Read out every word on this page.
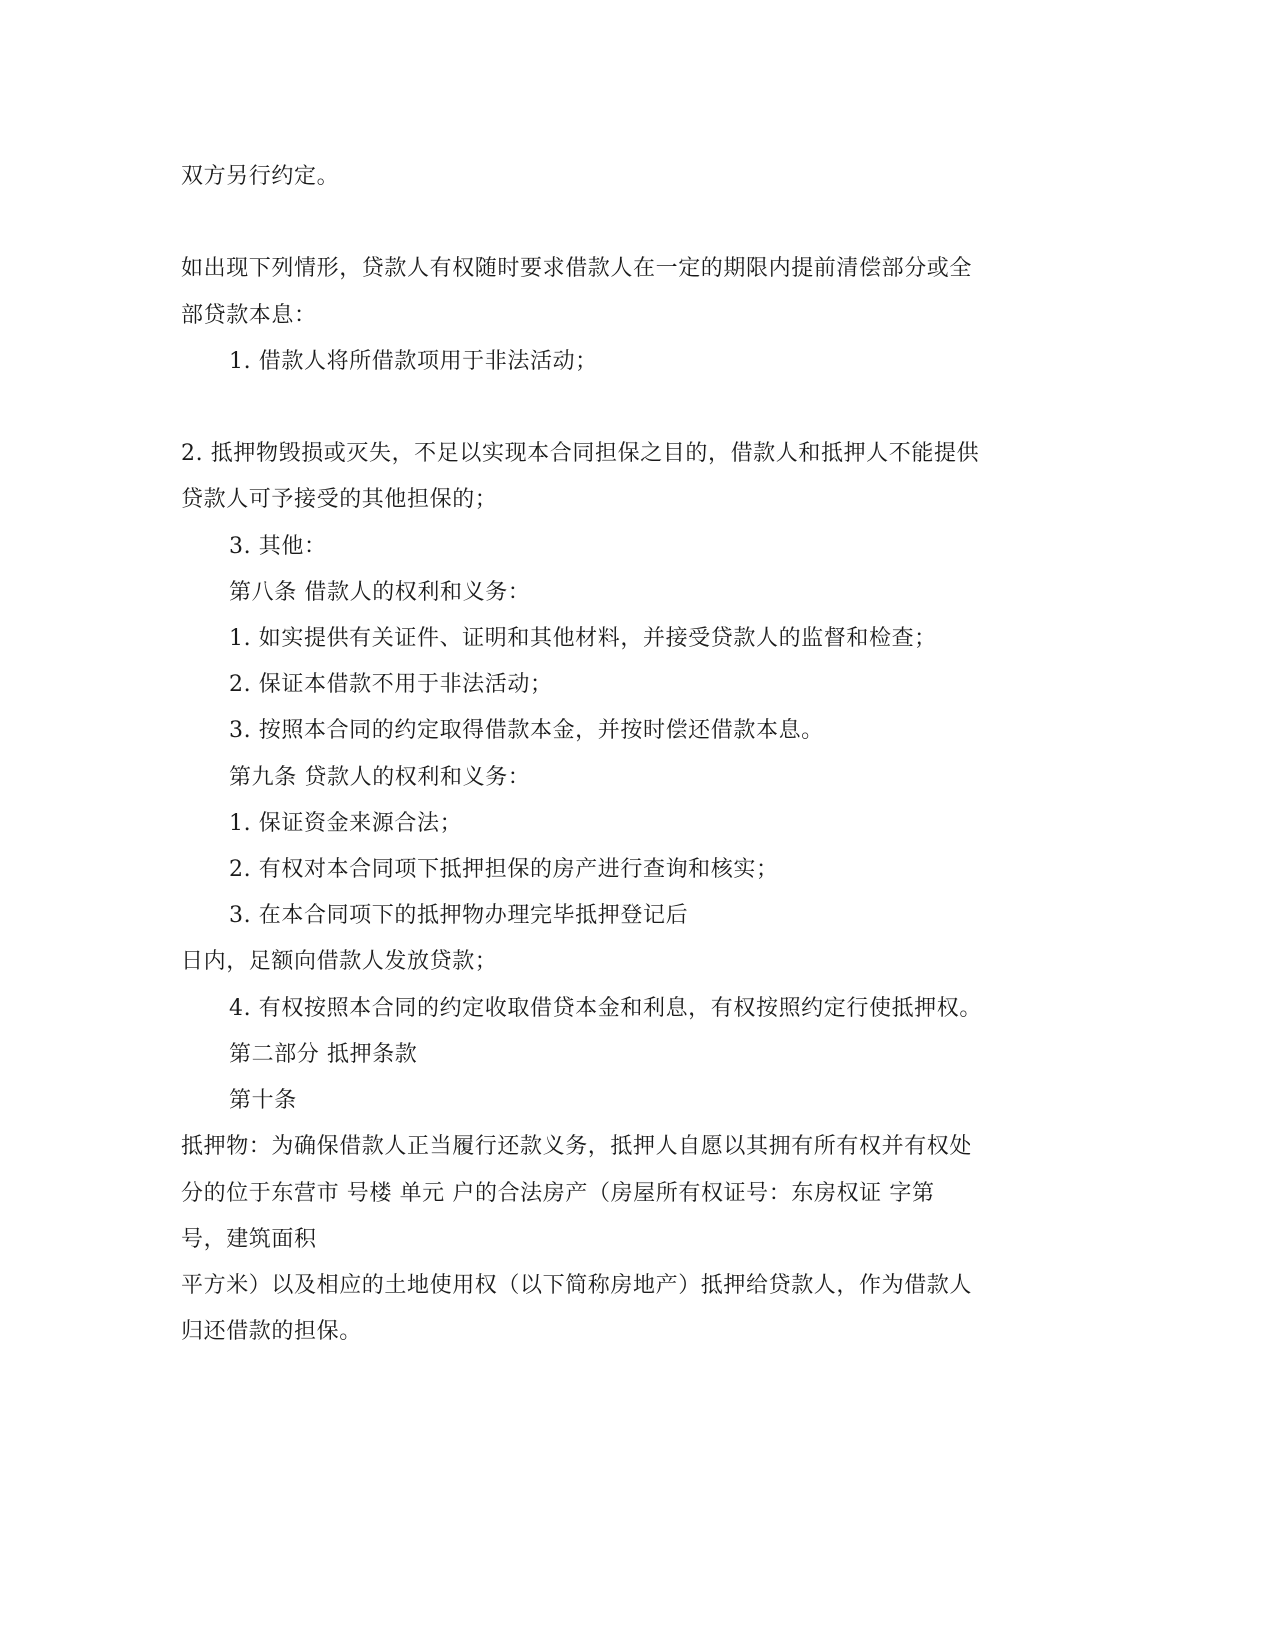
双方另行约定。
如出现下列情形，贷款人有权随时要求借款人在一定的期限内提前清偿部分或全
部贷款本息：
1. 借款人将所借款项用于非法活动；
2. 抵押物毁损或灭失，不足以实现本合同担保之目的，借款人和抵押人不能提供
贷款人可予接受的其他担保的；
3. 其他：
第八条 借款人的权利和义务：
1. 如实提供有关证件、证明和其他材料，并接受贷款人的监督和检查；
2. 保证本借款不用于非法活动；
3. 按照本合同的约定取得借款本金，并按时偿还借款本息。
第九条 贷款人的权利和义务：
1. 保证资金来源合法；
2. 有权对本合同项下抵押担保的房产进行查询和核实；
3. 在本合同项下的抵押物办理完毕抵押登记后
日内，足额向借款人发放贷款；
4. 有权按照本合同的约定收取借贷本金和利息，有权按照约定行使抵押权。
第二部分 抵押条款
第十条
抵押物：为确保借款人正当履行还款义务，抵押人自愿以其拥有所有权并有权处
分的位于东营市 号楼 单元 户的合法房产（房屋所有权证号：东房权证 字第
号，建筑面积
平方米）以及相应的土地使用权（以下简称房地产）抵押给贷款人，作为借款人
归还借款的担保。
